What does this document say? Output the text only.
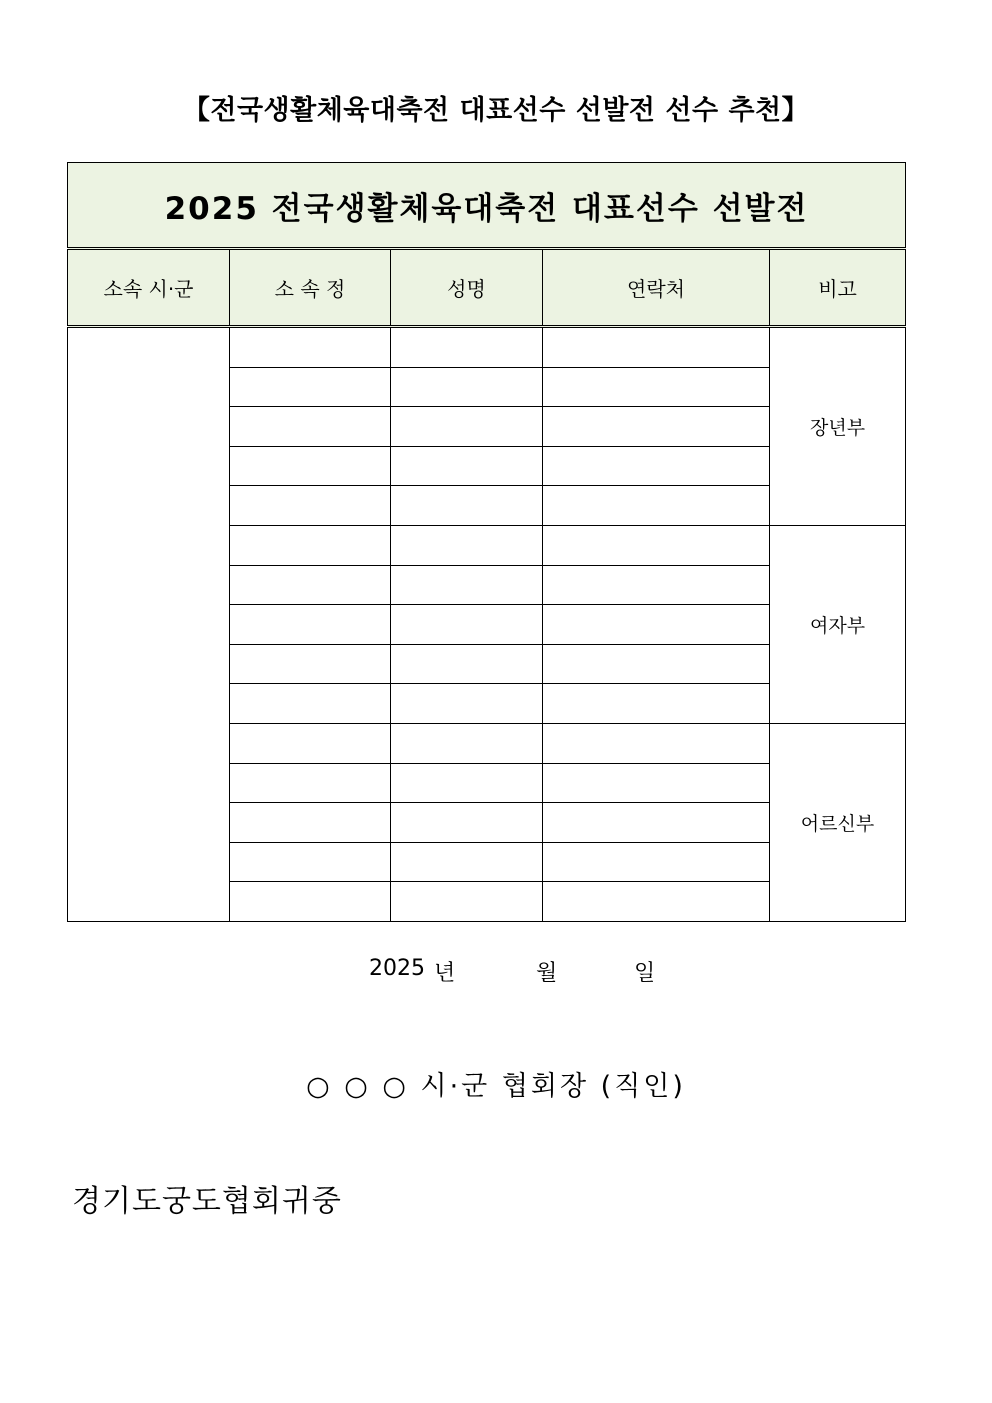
【전국생활체육대축전 대표선수 선발전 선수 추천】
2025 전국생활체육대축전 대표선수 선발전				
소속 시·군	소 속 정	성명	연락처	비고
				장년부

				여자부

				어르신부

2025 년	월	일
○ ○ ○ 시·군 협회장 (직인)
경기도궁도협회귀중
